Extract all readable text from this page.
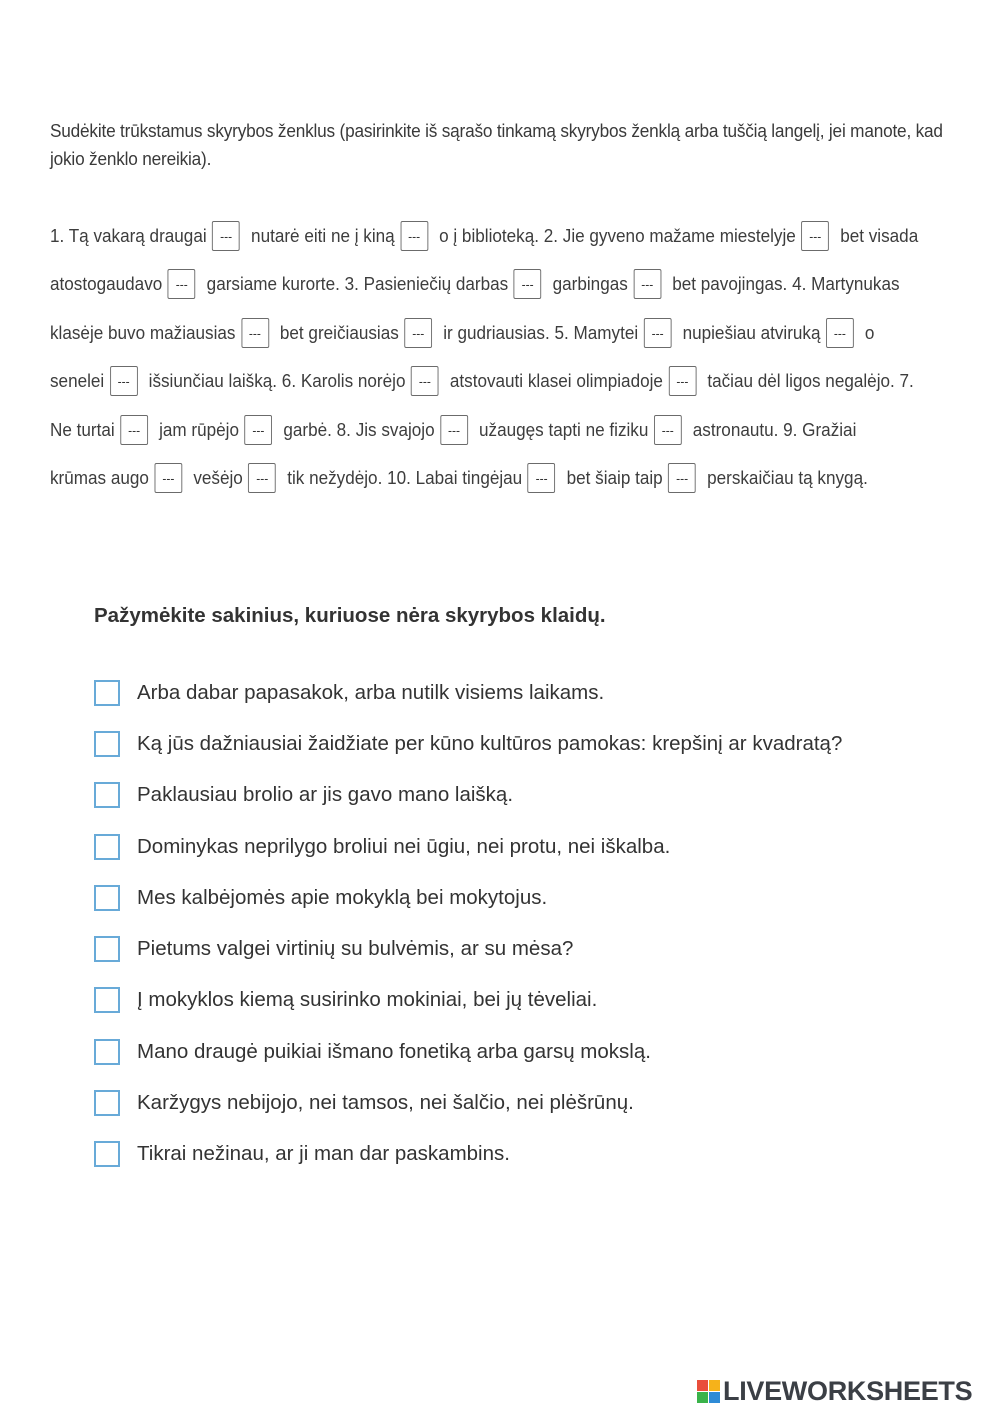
Sudėkite trūkstamus skyrybos ženklus (pasirinkite iš sąrašo tinkamą skyrybos ženklą arba tuščią langelį, jei manote, kad jokio ženklo nereikia).
1. Tą vakarą draugai	---	nutarė eiti ne į kiną	---	o į biblioteką. 2. Jie gyveno mažame miestelyje	---	bet visada
atostogaudavo	---	garsiame kurorte. 3. Pasieniečių darbas	---	garbingas	---	bet pavojingas. 4. Martynukas
klasėje buvo mažiausias	---	bet greičiausias	---	ir gudriausias. 5. Mamytei	---	nupiešiau atviruką	---	o
senelei	---	išsiunčiau laišką. 6. Karolis norėjo	---	atstovauti klasei olimpiadoje	---	tačiau dėl ligos negalėjo. 7.
Ne turtai	---	jam rūpėjo	---	garbė. 8. Jis svajojo	---	užaugęs tapti ne fiziku	---	astronautu. 9. Gražiai
krūmas augo	---	vešėjo	---	tik nežydėjo. 10. Labai tingėjau	---	bet šiaip taip	---	perskaičiau tą knygą.
Pažymėkite sakinius, kuriuose nėra skyrybos klaidų.
Arba dabar papasakok, arba nutilk visiems laikams.
Ką jūs dažniausiai žaidžiate per kūno kultūros pamokas: krepšinį ar kvadratą?
Paklausiau brolio ar jis gavo mano laišką.
Dominykas neprilygo broliui nei ūgiu, nei protu, nei iškalba.
Mes kalbėjomės apie mokyklą bei mokytojus.
Pietums valgei virtinių su bulvėmis, ar su mėsa?
Į mokyklos kiemą susirinko mokiniai, bei jų tėveliai.
Mano draugė puikiai išmano fonetiką arba garsų mokslą.
Karžygys nebijojo, nei tamsos, nei šalčio, nei plėšrūnų.
Tikrai nežinau, ar ji man dar paskambins.
LIVEWORKSHEETS
